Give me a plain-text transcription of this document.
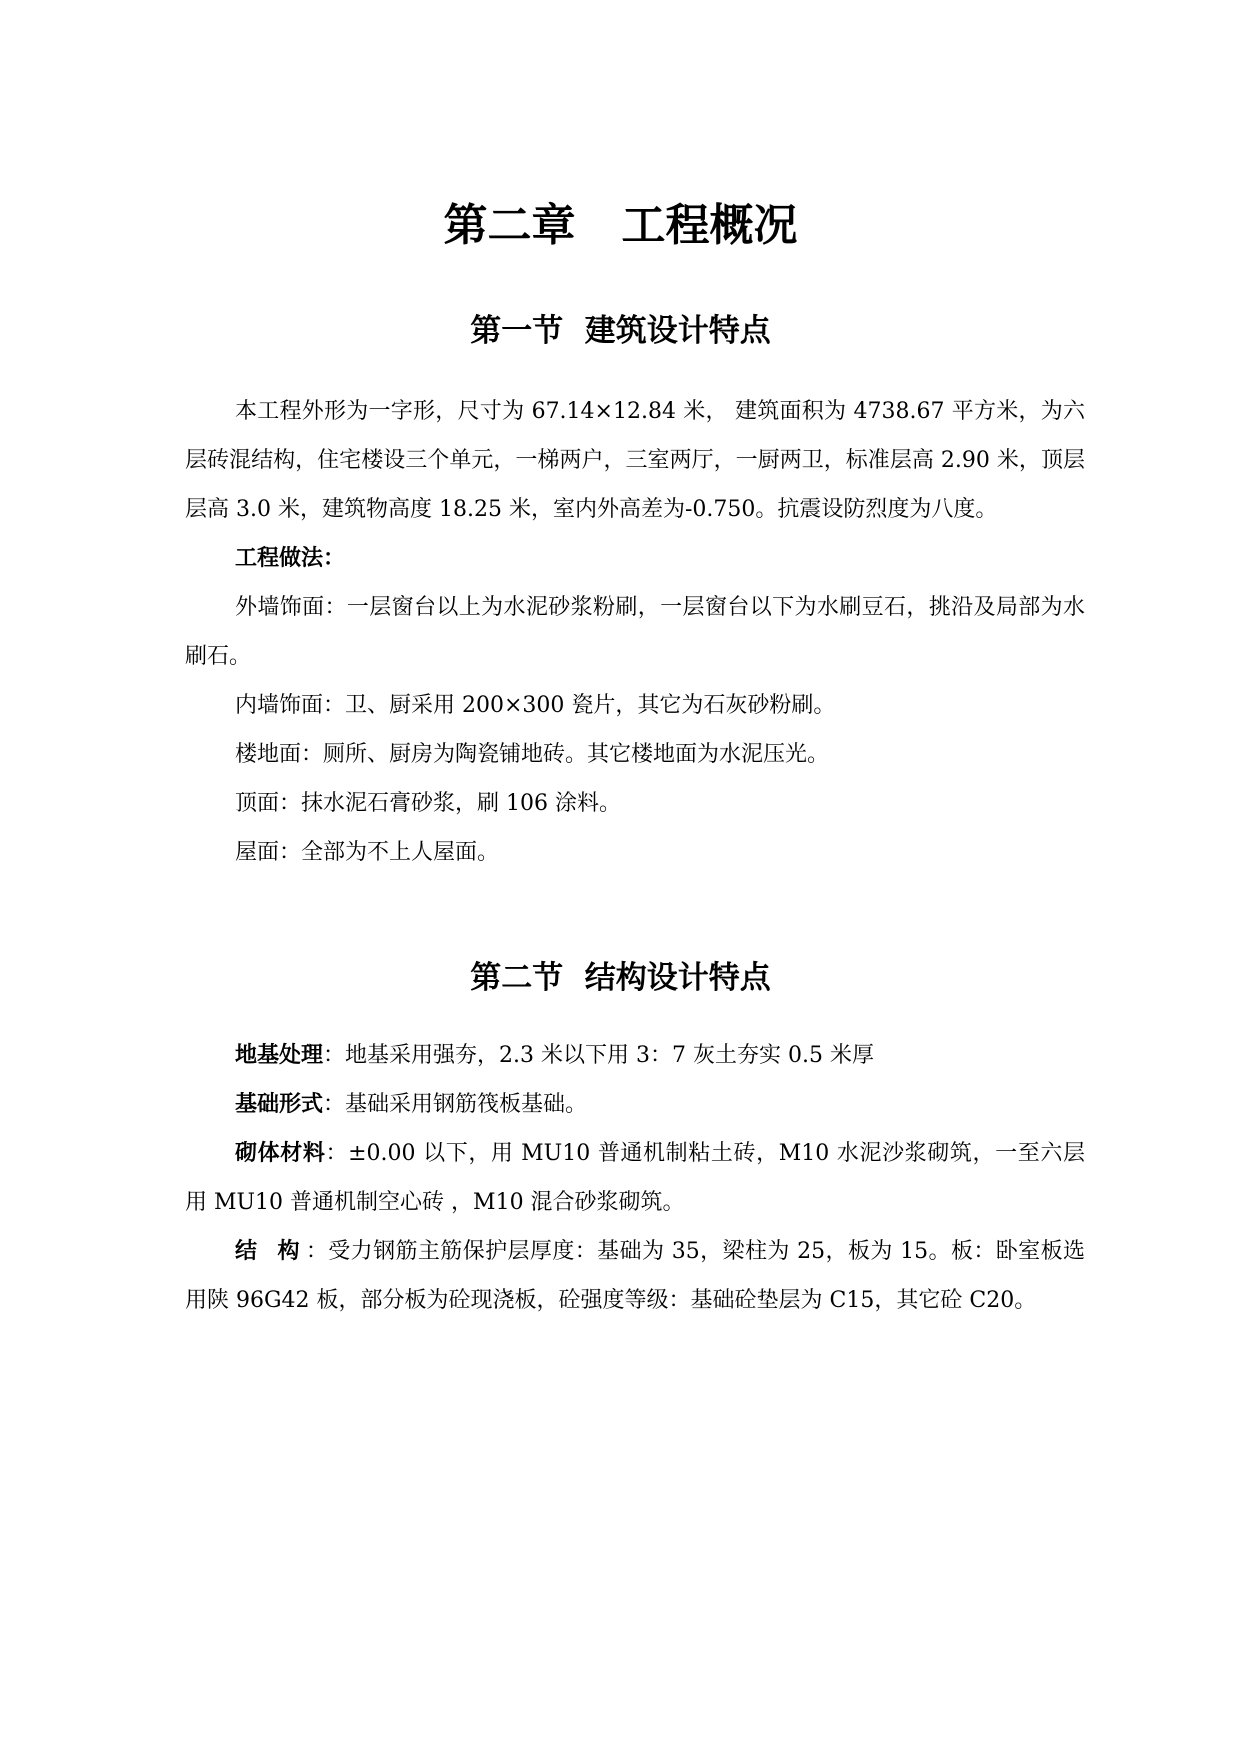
第二章   工程概况
第一节  建筑设计特点

本工程外形为一字形，尺寸为 67.14×12.84 米， 建筑面积为 4738.67 平方米，为六层砖混结构，住宅楼设三个单元，一梯两户，三室两厅，一厨两卫，标准层高 2.90 米，顶层层高 3.0 米，建筑物高度 18.25 米，室内外高差为-0.750。抗震设防烈度为八度。

工程做法：

外墙饰面：一层窗台以上为水泥砂浆粉刷，一层窗台以下为水刷豆石，挑沿及局部为水刷石。

内墙饰面：卫、厨采用 200×300 瓷片，其它为石灰砂粉刷。

楼地面：厕所、厨房为陶瓷铺地砖。其它楼地面为水泥压光。

顶面：抹水泥石膏砂浆，刷 106 涂料。

屋面：全部为不上人屋面。

第二节  结构设计特点

地基处理：地基采用强夯，2.3 米以下用 3：7 灰土夯实 0.5 米厚

基础形式：基础采用钢筋筏板基础。

砌体材料：±0.00 以下，用 MU10 普通机制粘土砖，M10 水泥沙浆砌筑，一至六层用 MU10 普通机制空心砖 ，M10 混合砂浆砌筑。

结 构：受力钢筋主筋保护层厚度：基础为 35，梁柱为 25，板为 15。板：卧室板选用陕 96G42 板，部分板为砼现浇板，砼强度等级：基础砼垫层为 C15，其它砼 C20。
